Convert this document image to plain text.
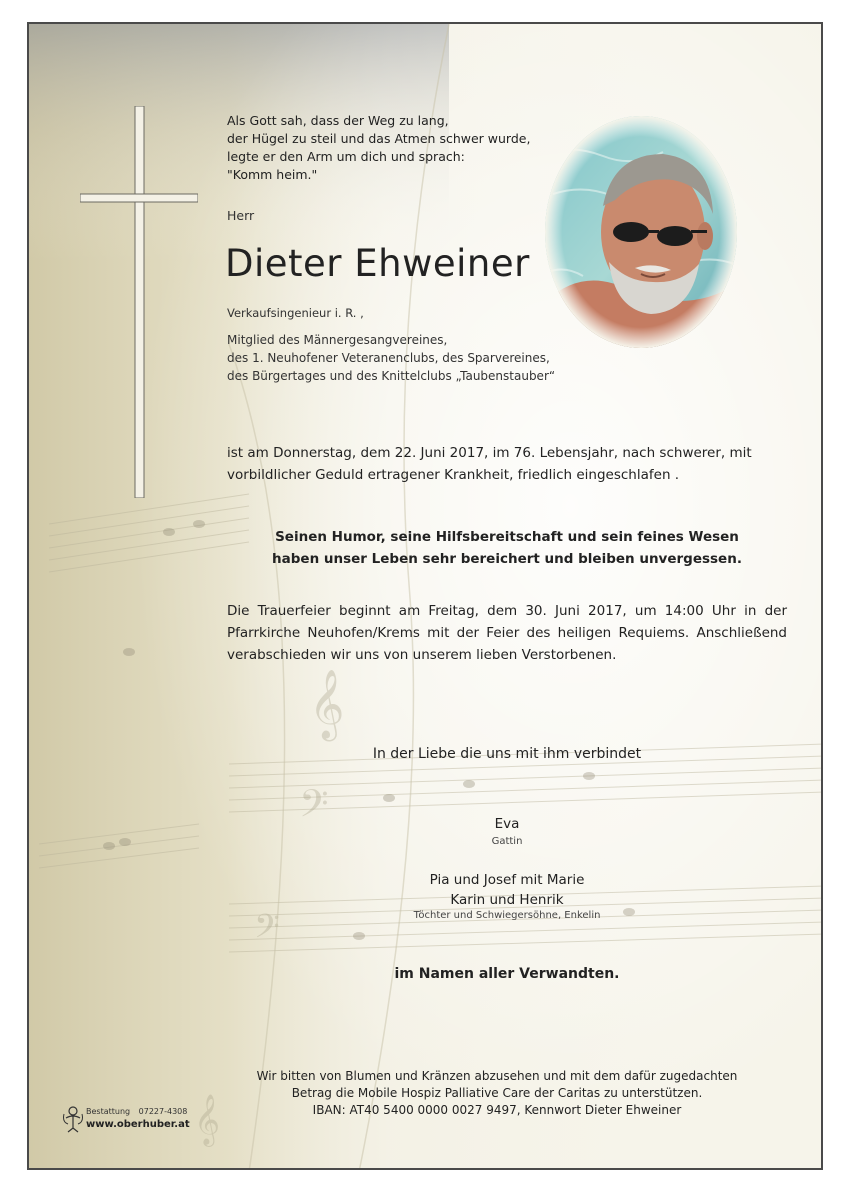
𝄞
𝄢
𝄢
𝄞
Als Gott sah, dass der Weg zu lang,
der Hügel zu steil und das Atmen schwer wurde,
legte er den Arm um dich und sprach:
"Komm heim."
Herr
Dieter Ehweiner
Verkaufsingenieur i. R. ,
Mitglied des Männergesangvereines,
des 1. Neuhofener Veteranenclubs, des Sparvereines,
des Bürgertages und des Knittelclubs „Taubenstauber“
ist am Donnerstag, dem 22. Juni 2017, im 76. Lebensjahr, nach schwerer, mit vorbildlicher Geduld ertragener Krankheit, friedlich eingeschlafen .
Seinen Humor, seine Hilfsbereitschaft und sein feines Wesen
haben unser Leben sehr bereichert und bleiben unvergessen.
Die Trauerfeier beginnt am Freitag, dem 30. Juni 2017, um 14:00 Uhr in der Pfarrkirche Neuhofen/Krems mit der Feier des heiligen Requiems. Anschließend verabschieden wir uns von unserem lieben Verstorbenen.
In der Liebe die uns mit ihm verbindet
Eva
Gattin
Pia und Josef mit Marie
Karin und Henrik
Töchter und Schwiegersöhne, Enkelin
im Namen aller Verwandten.
Wir bitten von Blumen und Kränzen abzusehen und mit dem dafür zugedachten
Betrag die Mobile Hospiz Palliative Care der Caritas zu unterstützen.
IBAN: AT40 5400 0000 0027 9497, Kennwort Dieter Ehweiner
Bestattung 07227-4308
www.oberhuber.at
